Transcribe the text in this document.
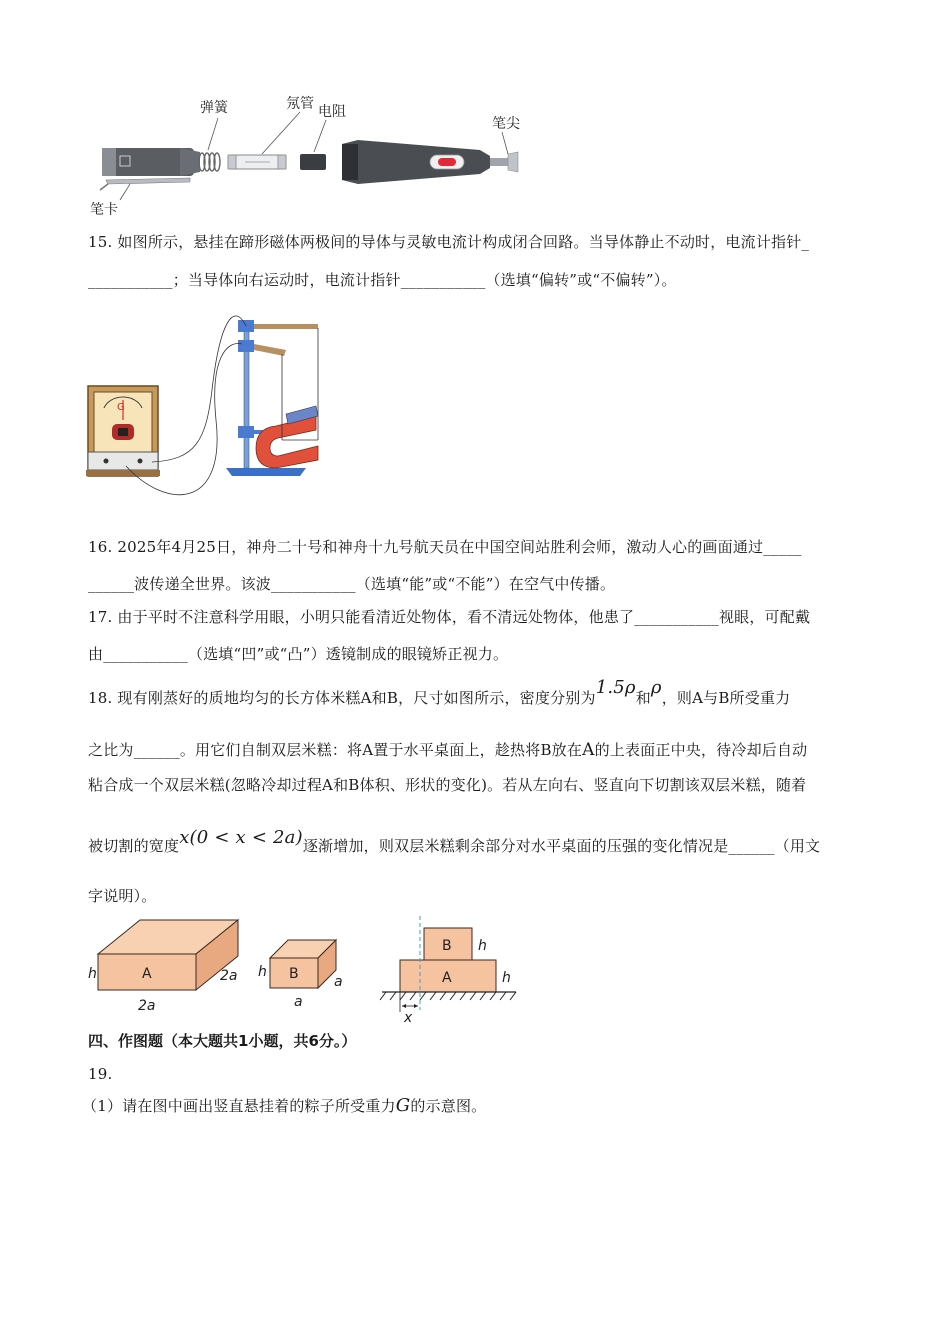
弹簧	氖管 电阻
笔尖
笔卡
15. 如图所示，悬挂在蹄形磁体两极间的导体与灵敏电流计构成闭合回路。当导体静止不动时，电流计指针_
___________；当导体向右运动时，电流计指针___________（选填“偏转”或“不偏转”）。
G
16. 2025年4月25日，神舟二十号和神舟十九号航天员在中国空间站胜利会师，激动人心的画面通过_____
______波传递全世界。该波___________（选填“能”或“不能”）在空气中传播。
17. 由于平时不注意科学用眼，小明只能看清近处物体，看不清远处物体，他患了___________视眼，可配戴
由___________（选填“凹”或“凸”）透镜制成的眼镜矫正视力。
18. 现有刚蒸好的质地均匀的长方体米糕A和B，尺寸如图所示，密度分别为1.5ρ和ρ，则A与B所受重力
之比为______。用它们自制双层米糕：将A置于水平桌面上，趁热将B放在A的上表面正中央，待冷却后自动
粘合成一个双层米糕(忽略冷却过程A和B体积、形状的变化)。若从左向右、竖直向下切割该双层米糕，随着
被切割的宽度x(0 < x < 2a)逐渐增加，则双层米糕剩余部分对水平桌面的压强的变化情况是______（用文
字说明）。
A
h	2a
2a
B
h
a
a
B
A
h
h
x
四、作图题（本大题共1小题，共6分。）
19.
（1）请在图中画出竖直悬挂着的粽子所受重力G的示意图。
